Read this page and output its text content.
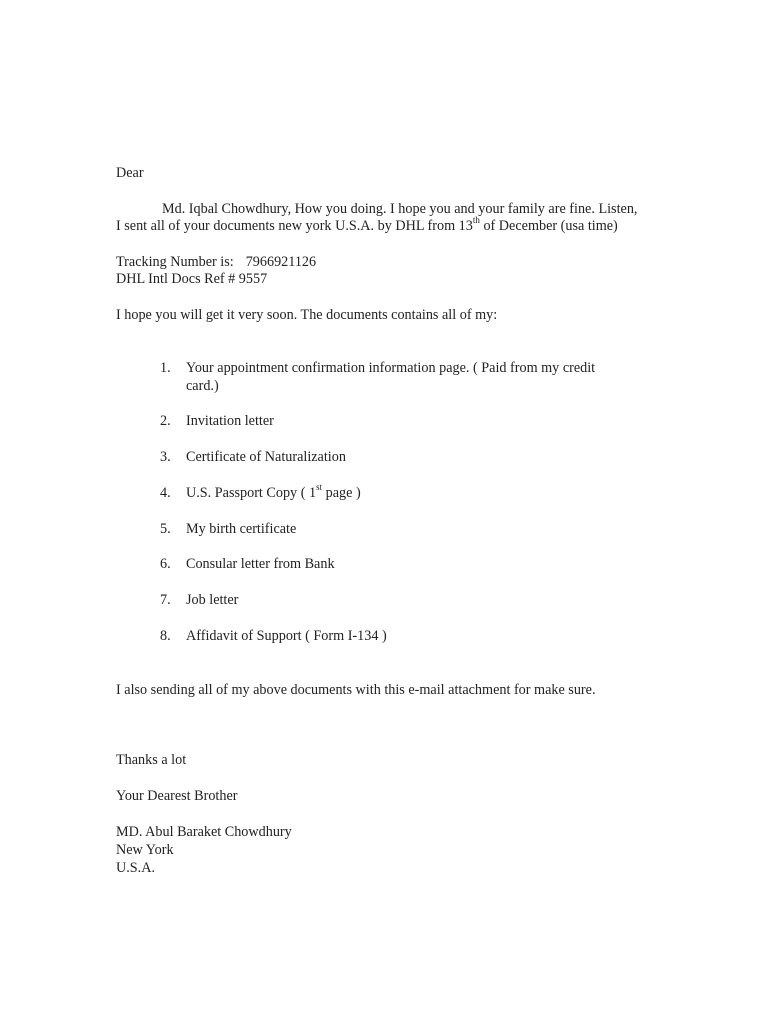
Dear
Md. Iqbal Chowdhury, How you doing. I hope you and your family are fine. Listen,
I sent all of your documents new york U.S.A. by DHL from 13th of December (usa time)
Tracking Number is: 7966921126
DHL Intl Docs Ref # 9557
I hope you will get it very soon. The documents contains all of my:
1.	Your appointment confirmation information page. ( Paid from my credit
card.)
2.	Invitation letter
3.	Certificate of Naturalization
4.	U.S. Passport Copy ( 1st page )
5.	My birth certificate
6.	Consular letter from Bank
7.	Job letter
8.	Affidavit of Support ( Form I-134 )
I also sending all of my above documents with this e-mail attachment for make sure.
Thanks a lot
Your Dearest Brother
MD. Abul Baraket Chowdhury
New York
U.S.A.
